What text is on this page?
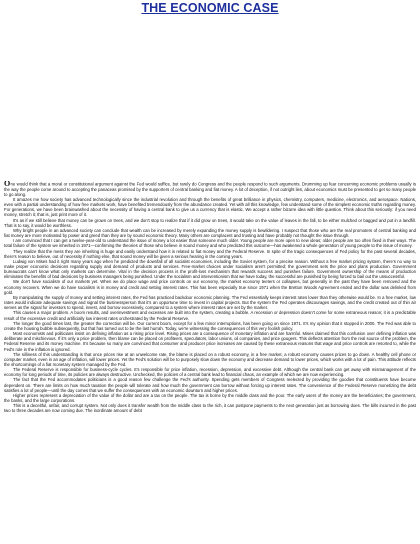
THE ECONOMIC CASE

One would think that a moral or constitutional argument against the Fed would suffice, but rarely do Congress and the people respond to such arguments. Drumming up fear concerning economic problems usually is the way the people come around to accepting the panaceas promised by the supporters of central banking and fiat money. A lot of deception, if not outright lies, about economics must be presented to get so many people to go along.

It amazes me how society has advanced technologically since the industrial revolution and through the benefits of great brilliance in physics, chemistry, computers, medicine, electronics, and aerospace. Nations, even with a partial understanding of how free markets work, have benefited tremendously from the abundance created. Yet with all this knowledge, few understand some of the simplest economic truths regarding money. For generations, we have been brainwashed about the necessity of having a central bank to give us a currency that is elastic. We accept a rather bizarre idea with little question. Think about this seriously: if you need money, stretch it; that is, just print more of it.

It's as if we still believe that money can be grown on trees, and we don't stop to realize that if it did grow on trees, it would take on the value of leaves in the fall, to be either mulched or bagged and put in a landfill. That is to say, it would be worthless.

Why bright people in an advanced society can conclude that wealth can be increased by merely expanding the money supply is bewildering. I suspect that those who are the real promoters of central banking and fiat money are more motivated by power and greed than they are by sound economic theory. Many others are complacent and trusting and have probably not thought the issue through.

I am convinced that I can get a twelve-year-old to understand the issue of money a lot easier than someone much older. Young people are more open to new ideas; older people are too often fixed in their ways. The total failure of the system we inherited in 1971—confirming the theories of those who believe in sound money and who predicted this outcome—has awakened a whole generation of young people to the issue of money.

They realize that the mess they are inheriting is huge and easily understand how it is related to fiat money and the Federal Reserve. In spite of the tragic consequences of Fed policy for the past several decades, there's reason to believe, out of necessity if nothing else, that sound money will be given a serious hearing in the coming years.

Ludwig von Mises had it right many years ago when he predicted the downfall of all socialist economies, including the Soviet system, for a precise reason. Without a free market pricing system, there's no way to make proper economic decisions regarding supply and demand of products and services. Free-market choices under socialism aren't permitted; the government sets the price and plans production. Government bureaucrats can't know what only markets can determine. Vital in the decision process is the profit-loss mechanism that rewards success and punishes failure. Government ownership of the means of production eliminates the benefits of bad decisions by business managers being punished. Under the socialism and interventionism that we have today, the successful are punished by being forced to bail out the unsuccessful.

We don't have socialism of our markets yet. When we do place wage and price controls on our economy, the market economy teeters or collapses, but generally in the past they have been removed and the economy recovers. When we do have socialism is in money and credit and setting interest rates. This has been especially true since 1971 when the Bretton Woods Agreement ended and the dollar was delinked from gold.

By manipulating the supply of money and setting interest rates, the Fed has practiced backdoor economic planning. The Fed essentially keeps interest rates lower than they otherwise would be. In a free market, low rates would indicate adequate savings and signal the businessperson that it's an opportune time to invest in capital projects. But the system the Fed operates discourages savings, and the credit created out of thin air serves as the signal for investors to spend, invest, and borrow excessively, compared to a system where interest rates are set by the market.

This causes a major problem. A boom results, and overinvestment and excesses are built into the system, creating a bubble. A recession or depression doesn't come for some extraneous reason; it is a predictable result of the excessive credit and artificially low interest rates orchestrated by the Federal Reserve.

The longer the good times last, the greater the correction will be. Our current boom, except for a few minor interruptions, has been going on since 1971. It's my opinion that it stopped in 2000. The Fed was able to create the housing bubble subsequently, but that has turned out to be the last hurrah. Today, we're witnessing the consequences of this very foolish policy.

Most economists and politicians insist on defining inflation as a rising price level. Rising prices are a consequence of monetary inflation and are harmful. Mises claimed that this confusion over defining inflation was deliberate and mischievous. If it's only a price problem, then blame can be placed on profiteers, speculators, labor unions, oil companies, and price gougers. This deflects attention from the real source of the problem, the Federal Reserve and its money machine. It's because so many are convinced that consumer and producer price increases are caused by these extraneous reasons that wage and price controls are resorted to, while the Fed's role in the inflation is ignored.

The silliness of this understanding is that once prices rise at an unwelcome rate, the blame is placed on a robust economy, in a free market, a robust economy causes prices to go down. A healthy cell phone or computer market, even in an age of inflation, will lower prices. Yet the Fed's solution will be to purposely slow down the economy and decrease demand to lower prices, which works with a lot of pain. This attitude reflects the shortcomings of a fiat monetary system managed by the Fed.

The Federal Reserve is responsible for business-cycle cycles. It's responsible for price inflation, recession, depression, and excessive debt. Although the central bank can get away with mismanagement of the economy for long periods of time, its policies are always destructive. Unchecked, the policies of a central bank lead to financial chaos, an example of which we are now experiencing.

The fact that the Fed accommodates politicians is a good reason few challenge the Fed's authority. Spending gets members of Congress reelected by providing the goodies that constituents have become dependent on. There are limits on how much taxation the people will tolerate and how much the government can borrow without forcing up interest rates. The convenience of the Federal Reserve monetizing the debt satisfies a lot of people—until the day comes that we suffer the consequences with an economic downturn and higher prices.

Higher prices represent a depreciation of the value of the dollar and are a tax on the people. The tax is borne by the middle class and the poor. The early users of the money are the beneficiaries; the government, the banks, and the large corporations.

This is a deceitful, unfair, and corrupt system. Not only does it transfer wealth from the middle class to the rich, it can postpone payments to the next generation just as borrowing does. The bills incurred in the past two to three decades are now coming due. The inordinate amount of debt
